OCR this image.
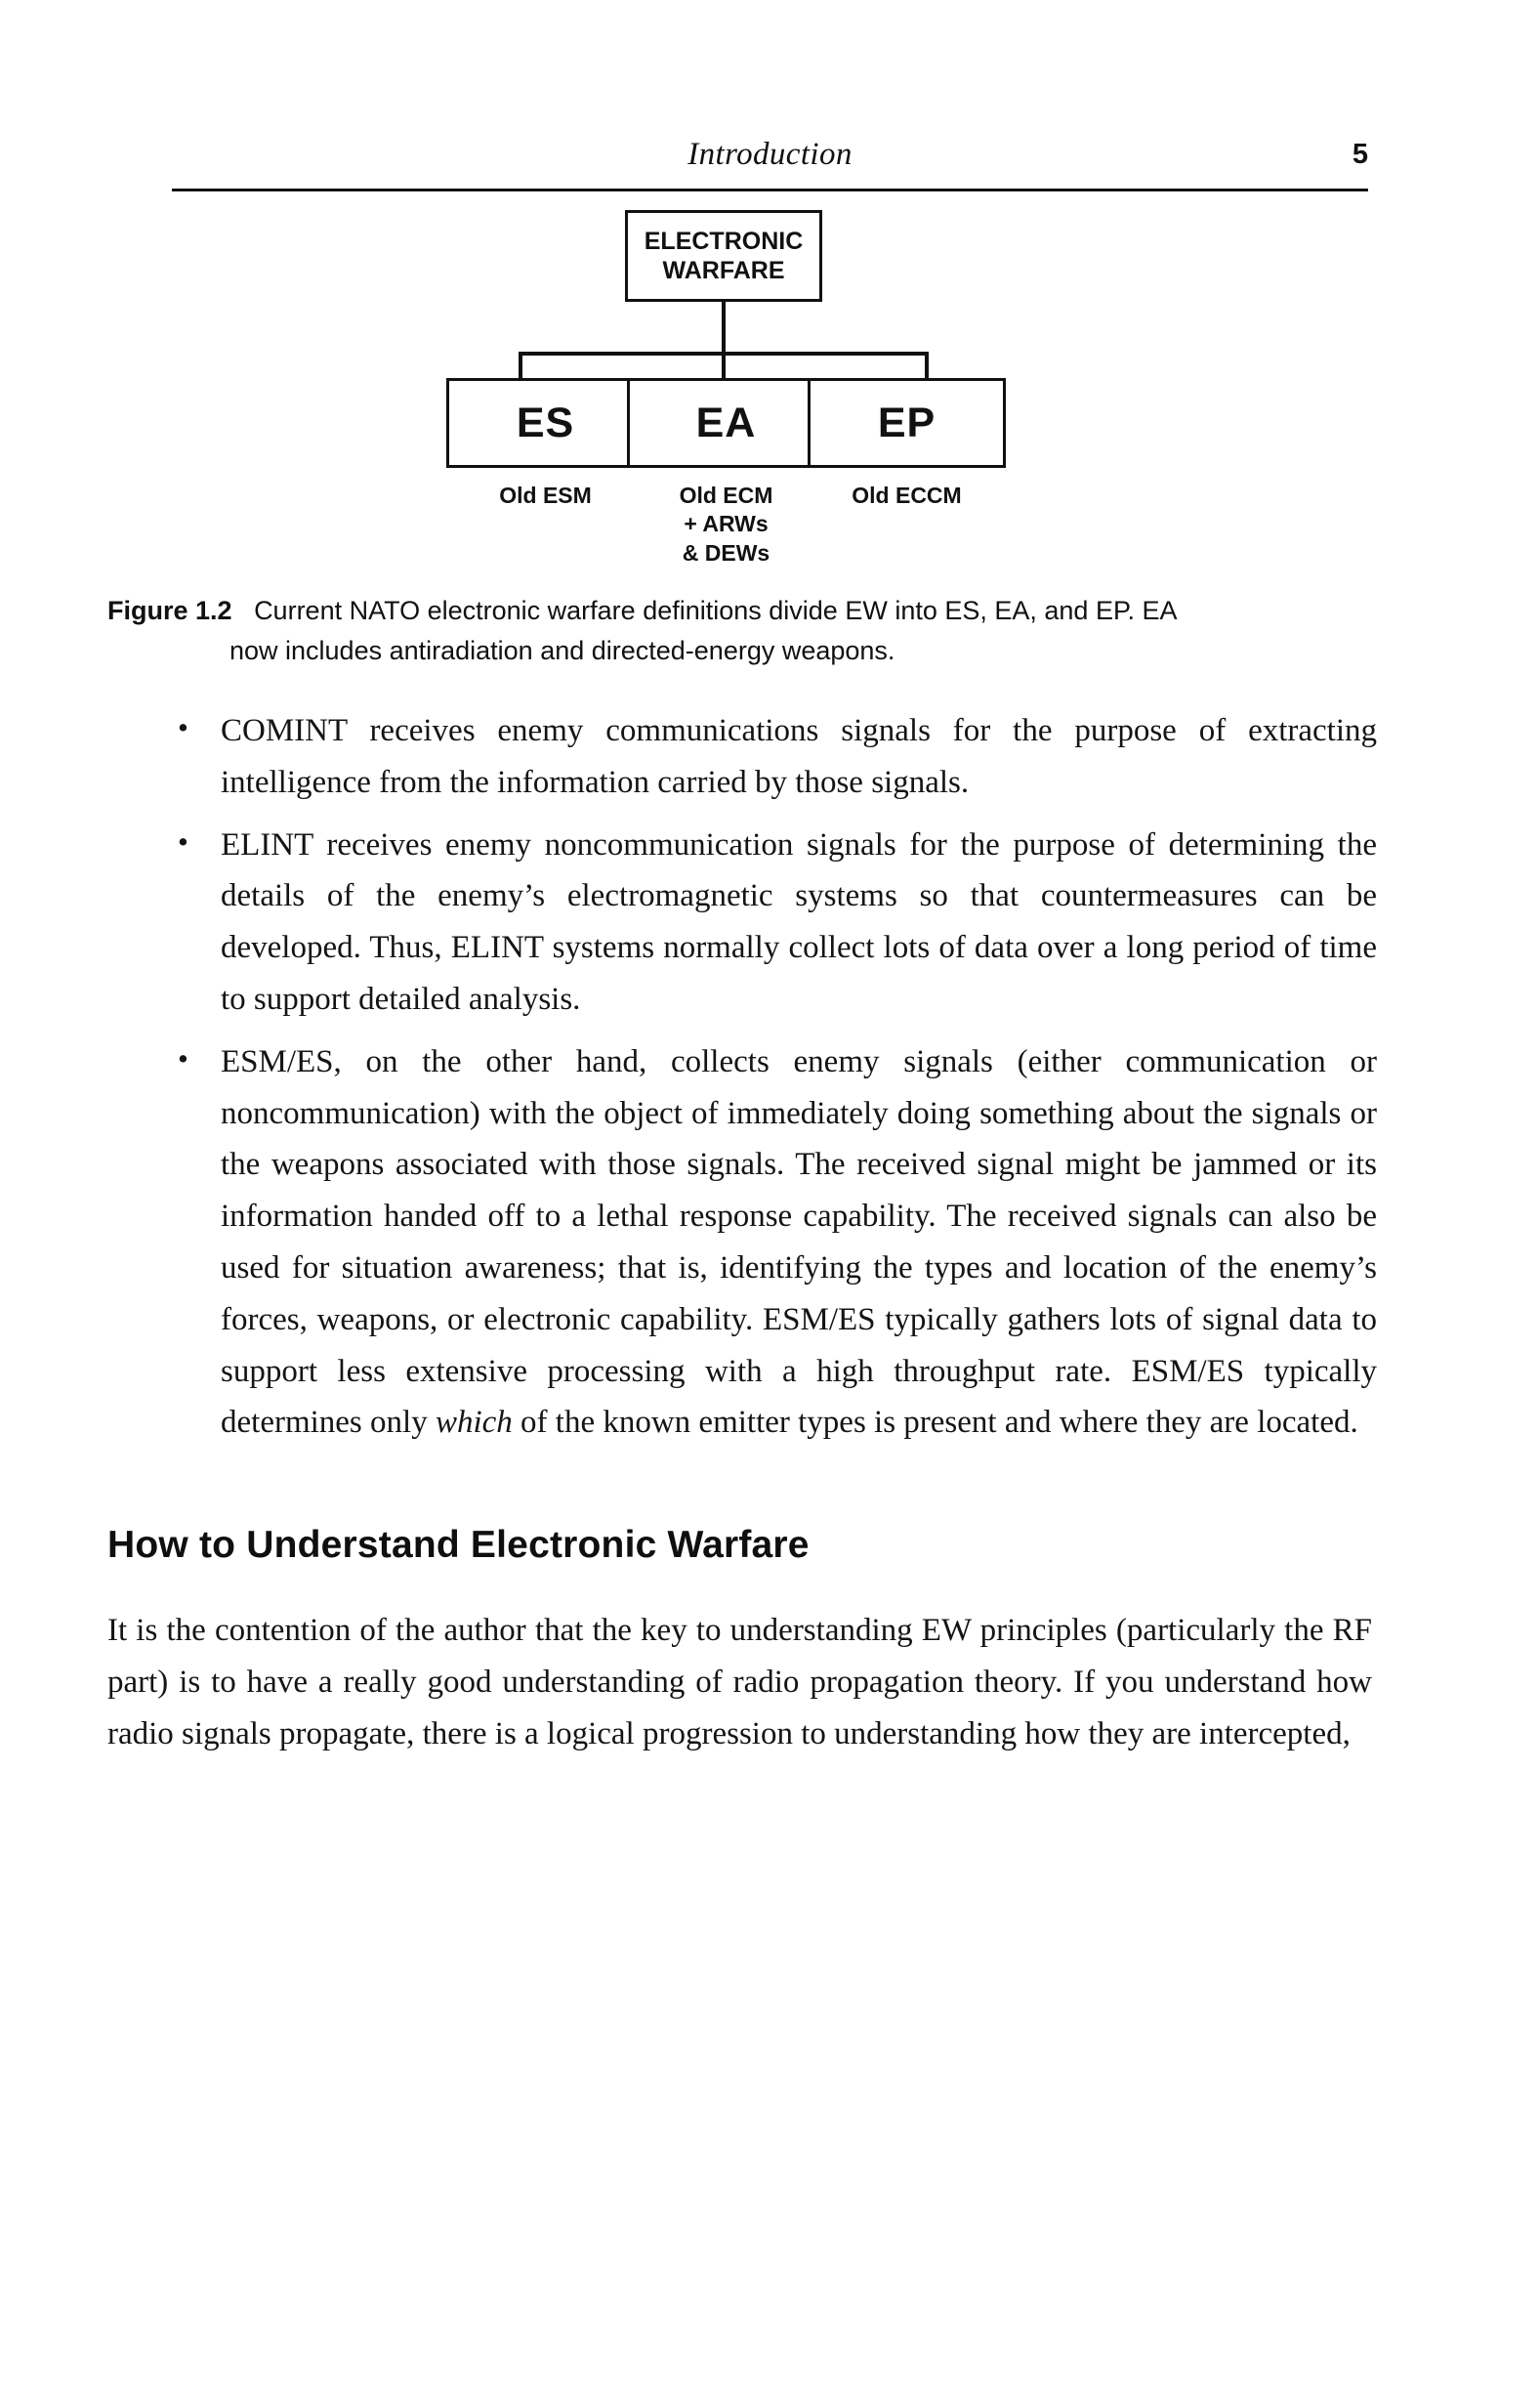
Introduction	5
ELECTRONIC
WARFARE
ES	EA	EP
Old ESM	Old ECM
+ ARWs
& DEWs
Old ECCM
Figure 1.2 Current NATO electronic warfare definitions divide EW into ES, EA, and EP. EA
now includes antiradiation and directed-energy weapons.
• COMINT receives enemy communications signals for the purpose of extracting intelligence from the information carried by those signals.
• ELINT receives enemy noncommunication signals for the purpose of determining the details of the enemy’s electromagnetic systems so that countermeasures can be developed. Thus, ELINT systems normally collect lots of data over a long period of time to support detailed analysis.
• ESM/ES, on the other hand, collects enemy signals (either communication or noncommunication) with the object of immediately doing something about the signals or the weapons associated with those signals. The received signal might be jammed or its information handed off to a lethal response capability. The received signals can also be used for situation awareness; that is, identifying the types and location of the enemy’s forces, weapons, or electronic capability. ESM/ES typically gathers lots of signal data to support less extensive processing with a high throughput rate. ESM/ES typically determines only which of the known emitter types is present and where they are located.
How to Understand Electronic Warfare

It is the contention of the author that the key to understanding EW principles (particularly the RF part) is to have a really good understanding of radio propagation theory. If you understand how radio signals propagate, there is a logical progression to understanding how they are intercepted,
